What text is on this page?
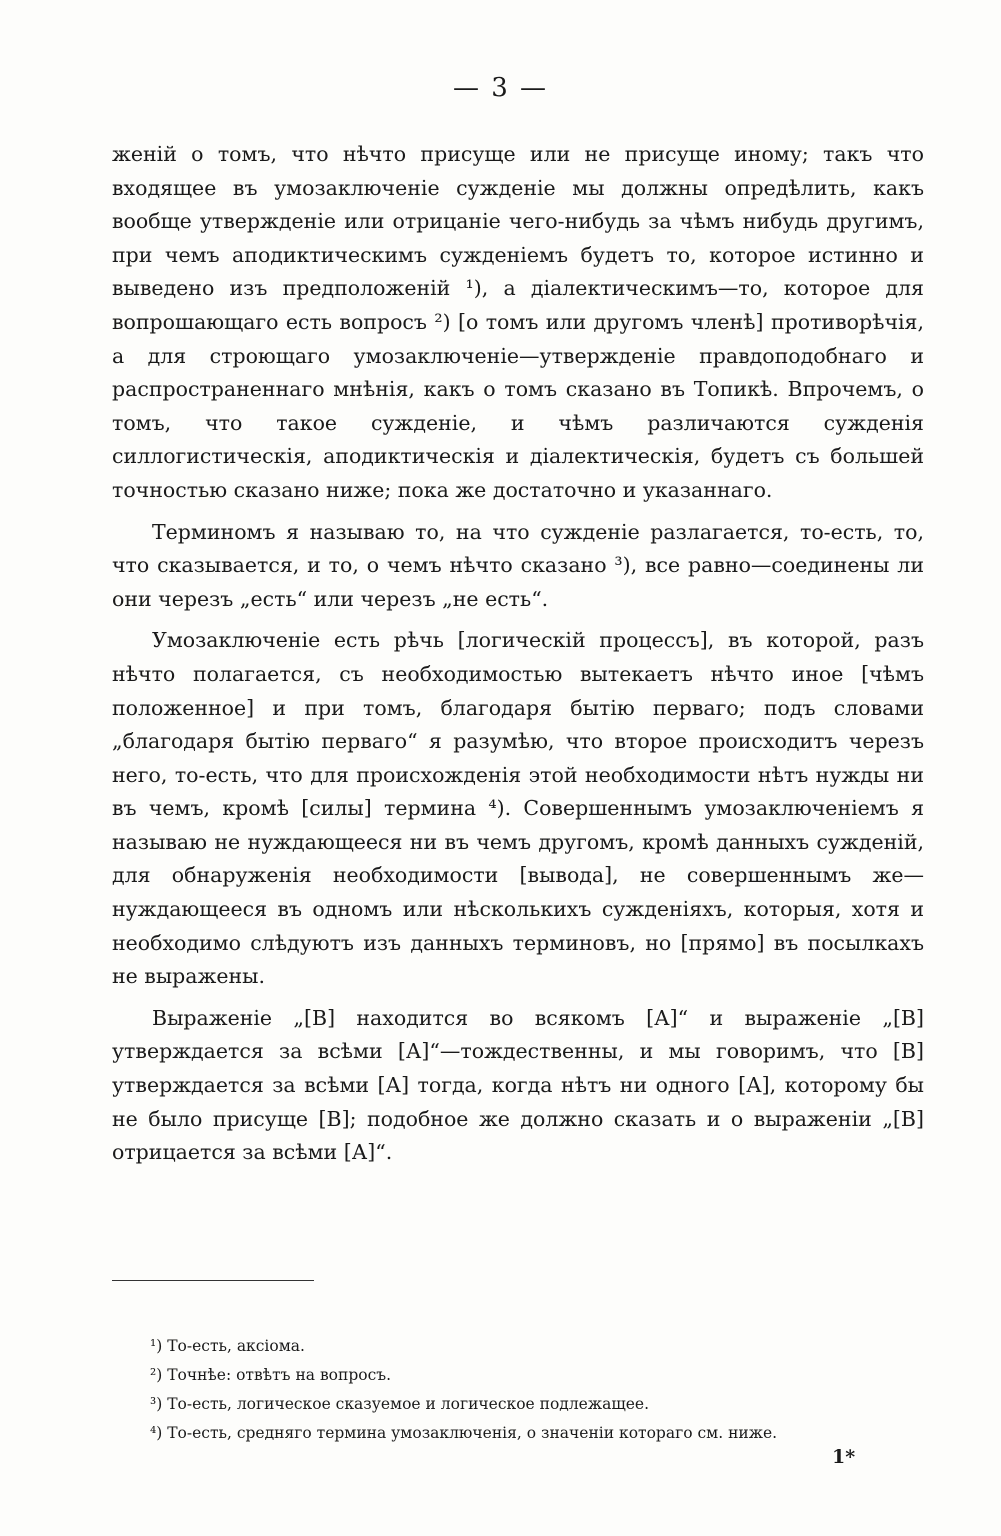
— 3 —

женій о томъ, что нѣчто присуще или не присуще иному; такъ что входящее въ умозаключеніе сужденіе мы должны опредѣлить, какъ вообще утвержденіе или отрицаніе чего-нибудь за чѣмъ нибудь другимъ, при чемъ аподиктическимъ сужденіемъ будетъ то, которое истинно и выведено изъ предположеній ¹), а діалектическимъ—то, которое для вопрошающаго есть вопросъ ²) [о томъ или другомъ членѣ] противорѣчія, а для строющаго умозаключеніе—утвержденіе правдоподобнаго и распространеннаго мнѣнія, какъ о томъ сказано въ Топикѣ. Впрочемъ, о томъ, что такое сужденіе, и чѣмъ различаются сужденія силлогистическія, аподиктическія и діалектическія, будетъ съ большей точностью сказано ниже; пока же достаточно и указаннаго.

Терминомъ я называю то, на что сужденіе разлагается, то-есть, то, что сказывается, и то, о чемъ нѣчто сказано ³), все равно—соединены ли они черезъ „есть“ или черезъ „не есть“.

Умозаключеніе есть рѣчь [логическій процессъ], въ которой, разъ нѣчто полагается, съ необходимостью вытекаетъ нѣчто иное [чѣмъ положенное] и при томъ, благодаря бытію перваго; подъ словами „благодаря бытію перваго“ я разумѣю, что второе происходитъ черезъ него, то-есть, что для происхожденія этой необходимости нѣтъ нужды ни въ чемъ, кромѣ [силы] термина ⁴). Совершеннымъ умозаключеніемъ я называю не нуждающееся ни въ чемъ другомъ, кромѣ данныхъ сужденій, для обнаруженія необходимости [вывода], не совершеннымъ же—нуждающееся въ одномъ или нѣсколькихъ сужденіяхъ, которыя, хотя и необходимо слѣдуютъ изъ данныхъ терминовъ, но [прямо] въ посылкахъ не выражены.

Выраженіе „[В] находится во всякомъ [А]“ и выраженіе „[В] утверждается за всѣми [А]“—тождественны, и мы говоримъ, что [В] утверждается за всѣми [А] тогда, когда нѣтъ ни одного [А], которому бы не было присуще [В]; подобное же должно сказать и о выраженіи „[В] отрицается за всѣми [А]“.

¹) То-есть, аксіома.

²) Точнѣе: отвѣтъ на вопросъ.

³) То-есть, логическое сказуемое и логическое подлежащее.

⁴) То-есть, средняго термина умозаключенія, о значеніи котораго см. ниже.

1*
